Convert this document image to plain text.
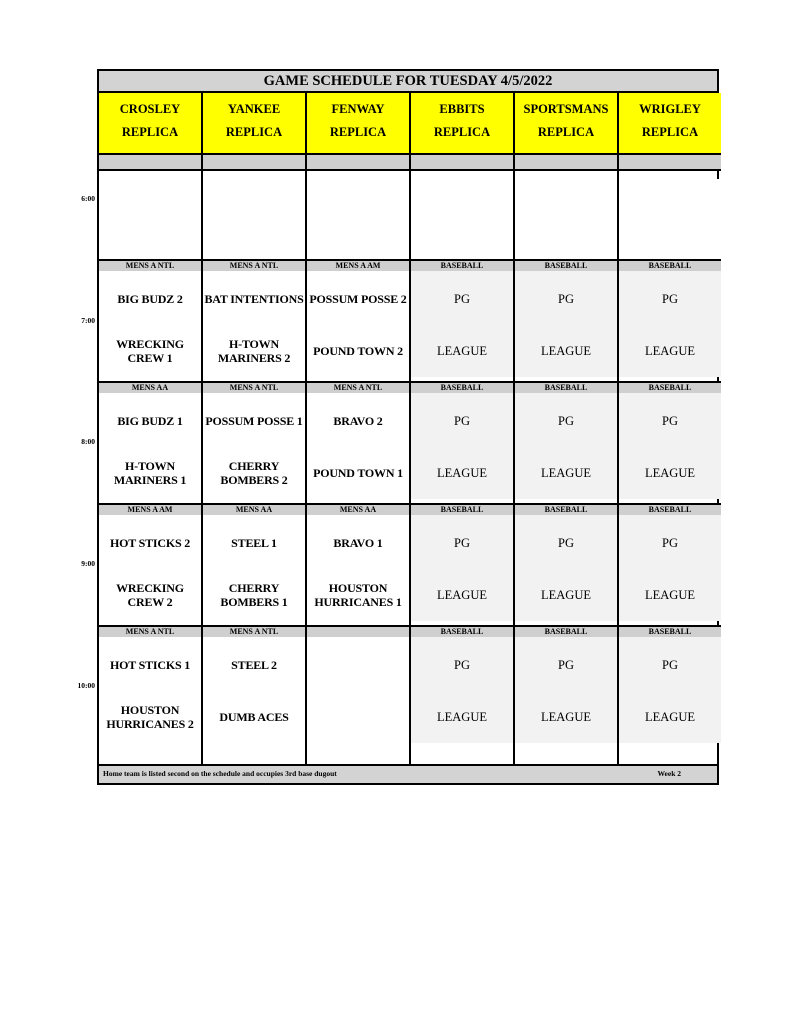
6:00
7:00
8:00
9:00
10:00
GAME SCHEDULE FOR TUESDAY 4/5/2022
CROSLEY
REPLICA
MENS A NTL
BIG BUDZ 2
WRECKING CREW 1
MENS AA
BIG BUDZ 1
H-TOWN MARINERS 1
MENS A AM
HOT STICKS 2
WRECKING CREW 2
MENS A NTL
HOT STICKS 1
HOUSTON HURRICANES 2
YANKEE
REPLICA
MENS A NTL
BAT INTENTIONS
H-TOWN MARINERS 2
MENS A NTL
POSSUM POSSE 1
CHERRY BOMBERS 2
MENS AA
STEEL 1
CHERRY BOMBERS 1
MENS A NTL
STEEL 2
DUMB ACES
FENWAY
REPLICA
MENS A AM
POSSUM POSSE 2
POUND TOWN 2
MENS A NTL
BRAVO 2
POUND TOWN 1
MENS AA
BRAVO 1
HOUSTON HURRICANES 1
EBBITS
REPLICA
BASEBALL
PG
LEAGUE
BASEBALL
PG
LEAGUE
BASEBALL
PG
LEAGUE
BASEBALL
PG
LEAGUE
SPORTSMANS
REPLICA
BASEBALL
PG
LEAGUE
BASEBALL
PG
LEAGUE
BASEBALL
PG
LEAGUE
BASEBALL
PG
LEAGUE
WRIGLEY
REPLICA
BASEBALL
PG
LEAGUE
BASEBALL
PG
LEAGUE
BASEBALL
PG
LEAGUE
BASEBALL
PG
LEAGUE
Home team is listed second on the schedule and occupies 3rd base dugout	Week 2
